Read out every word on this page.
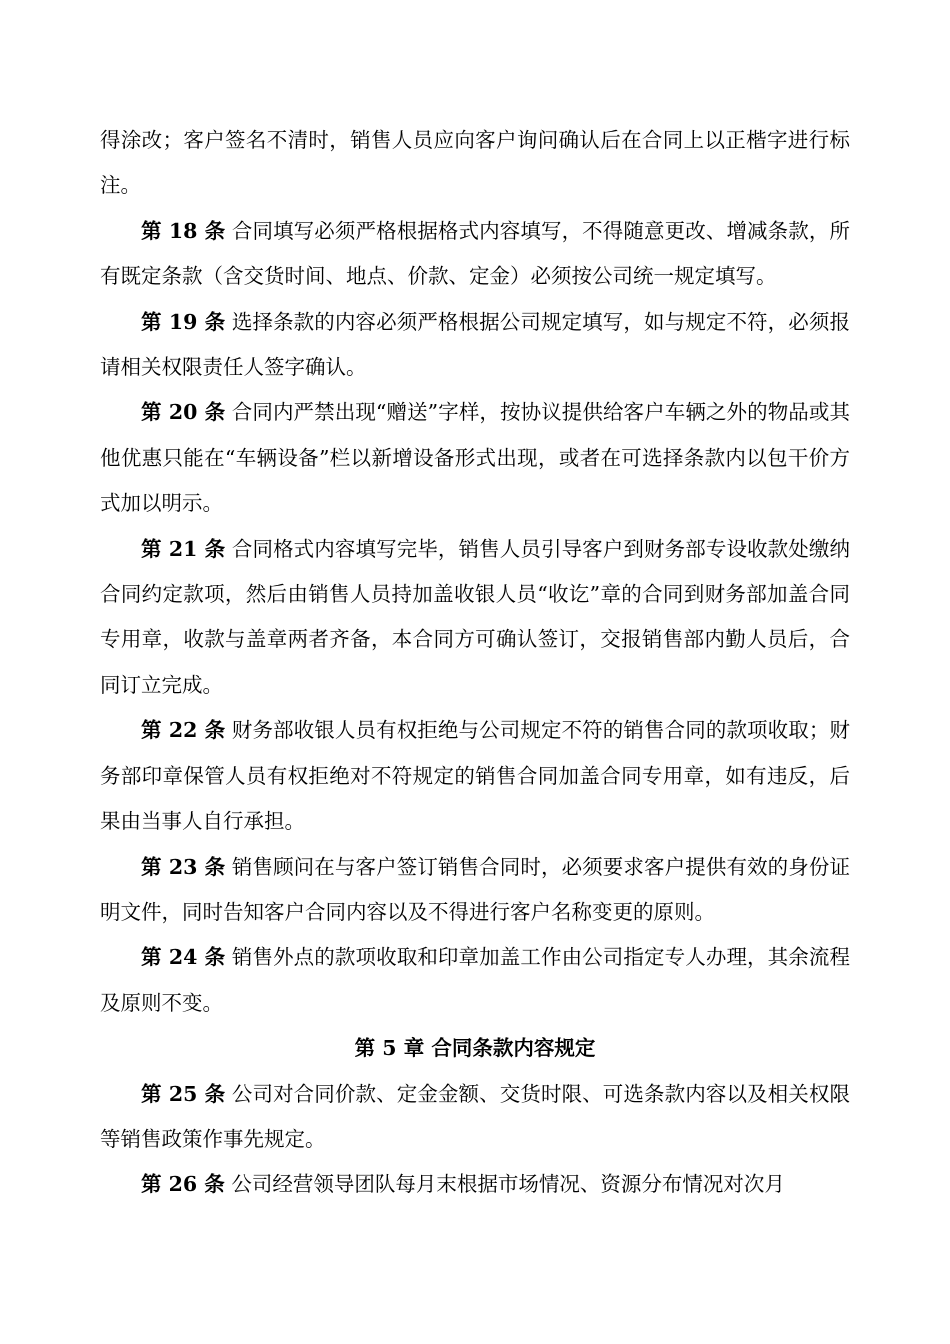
得涂改；客户签名不清时，销售人员应向客户询问确认后在合同上以正楷字进行标注。

第 18 条 合同填写必须严格根据格式内容填写，不得随意更改、增减条款，所有既定条款（含交货时间、地点、价款、定金）必须按公司统一规定填写。

第 19 条 选择条款的内容必须严格根据公司规定填写，如与规定不符，必须报请相关权限责任人签字确认。

第 20 条 合同内严禁出现“赠送”字样，按协议提供给客户车辆之外的物品或其他优惠只能在“车辆设备”栏以新增设备形式出现，或者在可选择条款内以包干价方式加以明示。

第 21 条 合同格式内容填写完毕，销售人员引导客户到财务部专设收款处缴纳合同约定款项，然后由销售人员持加盖收银人员“收讫”章的合同到财务部加盖合同专用章，收款与盖章两者齐备，本合同方可确认签订，交报销售部内勤人员后，合同订立完成。

第 22 条 财务部收银人员有权拒绝与公司规定不符的销售合同的款项收取；财务部印章保管人员有权拒绝对不符规定的销售合同加盖合同专用章，如有违反，后果由当事人自行承担。

第 23 条 销售顾问在与客户签订销售合同时，必须要求客户提供有效的身份证明文件，同时告知客户合同内容以及不得进行客户名称变更的原则。

第 24 条 销售外点的款项收取和印章加盖工作由公司指定专人办理，其余流程及原则不变。

第 5 章 合同条款内容规定

第 25 条 公司对合同价款、定金金额、交货时限、可选条款内容以及相关权限等销售政策作事先规定。

第 26 条 公司经营领导团队每月末根据市场情况、资源分布情况对次月
